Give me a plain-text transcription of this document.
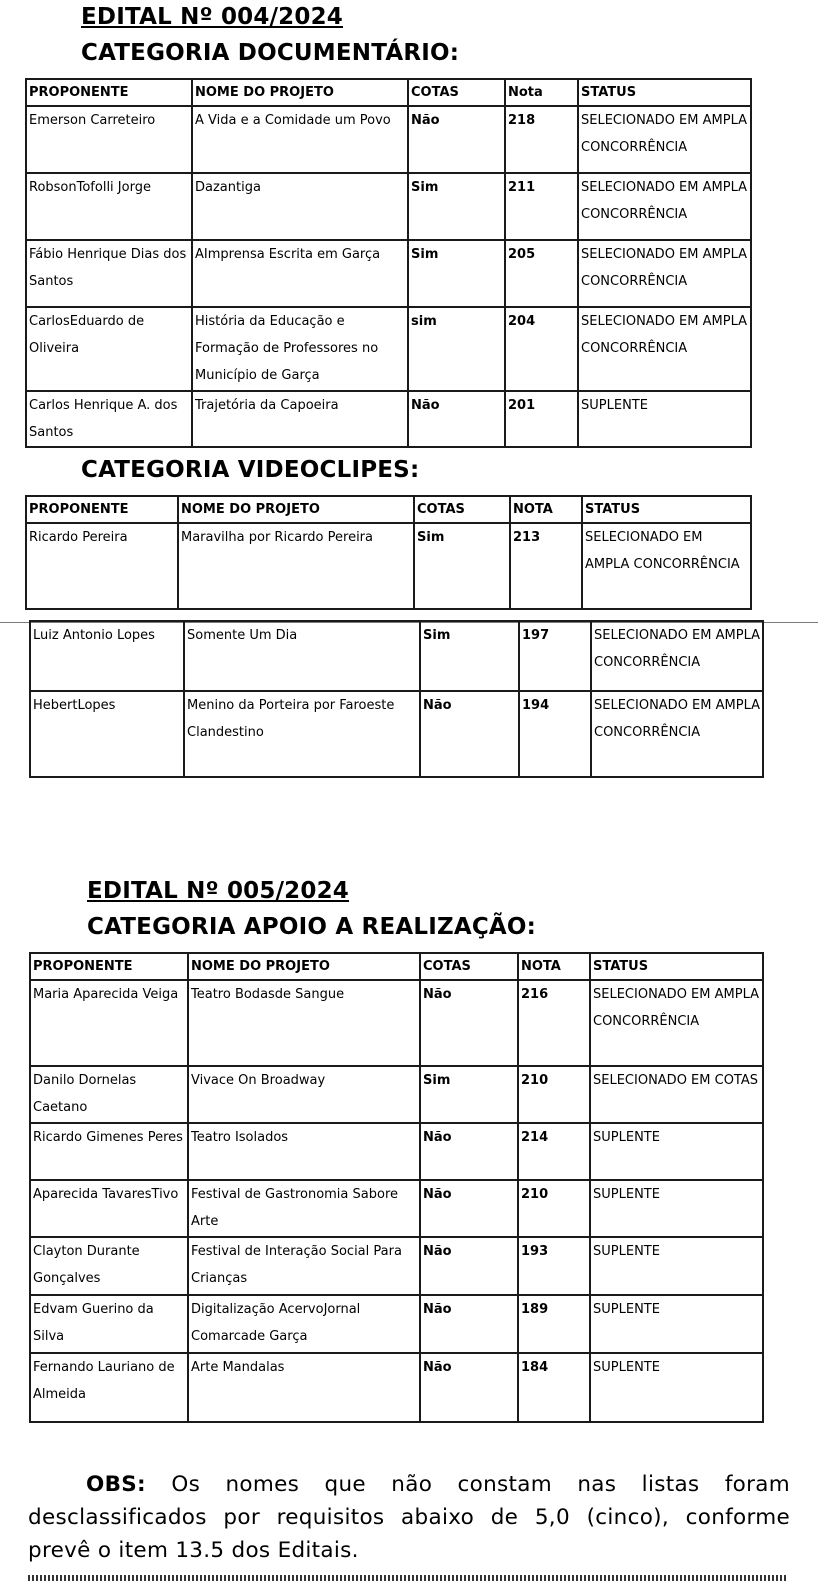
EDITAL Nº 004/2024
CATEGORIA DOCUMENTÁRIO:
PROPONENTE	NOME DO PROJETO	COTAS	Nota	STATUS
Emerson Carreteiro	A Vida e a Comidade um Povo	Não	218	SELECIONADO EM AMPLA CONCORRÊNCIA
RobsonTofolli Jorge	Dazantiga	Sim	211	SELECIONADO EM AMPLA CONCORRÊNCIA
Fábio Henrique Dias dos Santos	AImprensa Escrita em Garça	Sim	205	SELECIONADO EM AMPLA CONCORRÊNCIA
CarlosEduardo de Oliveira	História da Educação e Formação de Professores no Município de Garça	sim	204	SELECIONADO EM AMPLA CONCORRÊNCIA
Carlos Henrique A. dos Santos	Trajetória da Capoeira	Não	201	SUPLENTE
CATEGORIA VIDEOCLIPES:
PROPONENTE	NOME DO PROJETO	COTAS	NOTA	STATUS
Ricardo Pereira	Maravilha por Ricardo Pereira	Sim	213	SELECIONADO EM AMPLA CONCORRÊNCIA
Luiz Antonio Lopes	Somente Um Dia	Sim	197	SELECIONADO EM AMPLA CONCORRÊNCIA
HebertLopes	Menino da Porteira por Faroeste Clandestino	Não	194	SELECIONADO EM AMPLA CONCORRÊNCIA
EDITAL Nº 005/2024
CATEGORIA APOIO A REALIZAÇÃO:
PROPONENTE	NOME DO PROJETO	COTAS	NOTA	STATUS
Maria Aparecida Veiga	Teatro Bodasde Sangue	Não	216	SELECIONADO EM AMPLA CONCORRÊNCIA
Danilo Dornelas Caetano	Vivace On Broadway	Sim	210	SELECIONADO EM COTAS
Ricardo Gimenes Peres	Teatro Isolados	Não	214	SUPLENTE
Aparecida TavaresTivo	Festival de Gastronomia Sabore Arte	Não	210	SUPLENTE
Clayton Durante Gonçalves	Festival de Interação Social Para Crianças	Não	193	SUPLENTE
Edvam Guerino da Silva	Digitalização AcervoJornal Comarcade Garça	Não	189	SUPLENTE
Fernando Lauriano de Almeida	Arte Mandalas	Não	184	SUPLENTE
OBS: Os nomes que não constam nas listas foram desclassificados por requisitos abaixo de 5,0 (cinco), conforme prevê o item 13.5 dos Editais.
